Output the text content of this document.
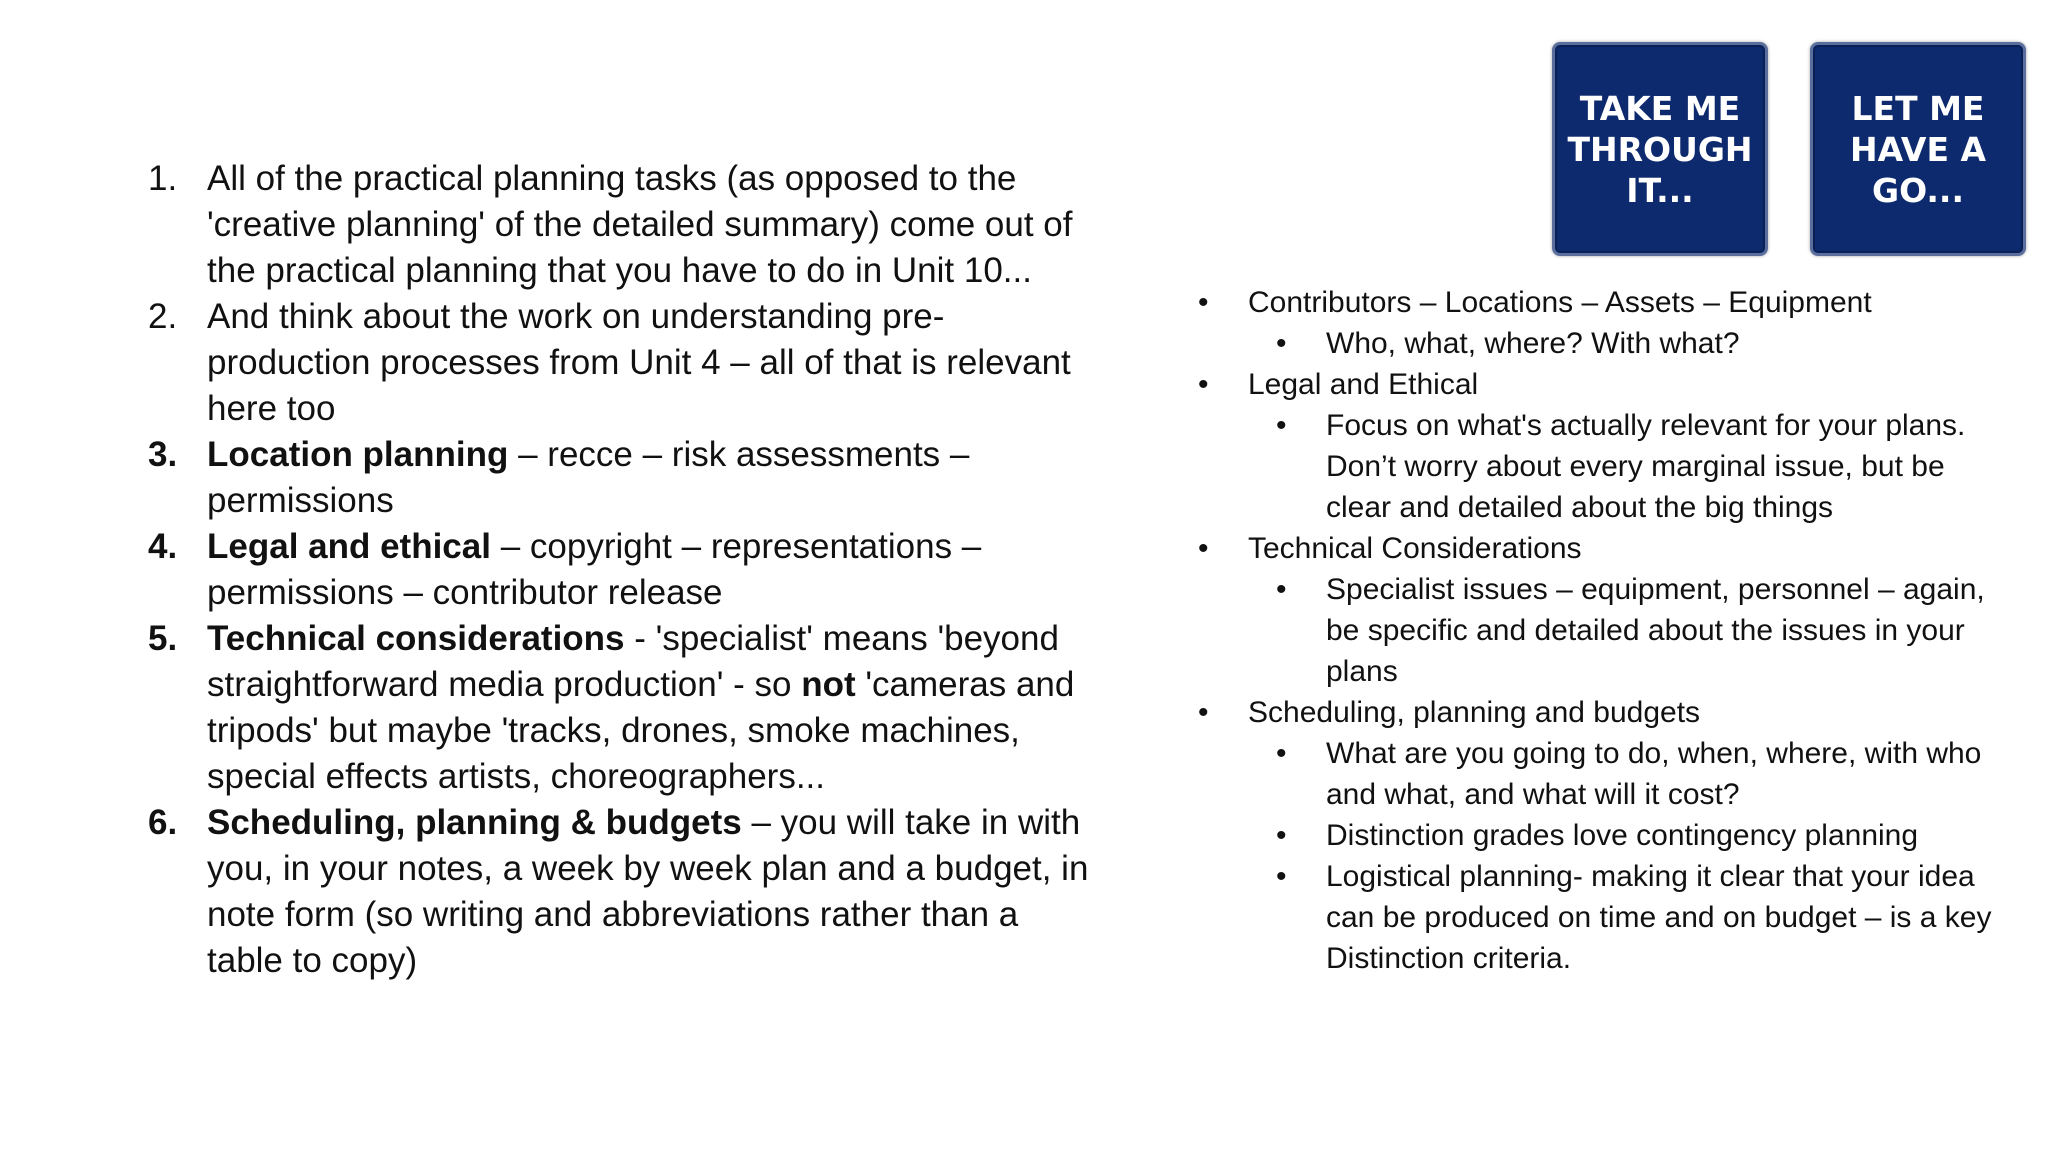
TAKE ME
THROUGH
IT...
LET ME
HAVE A
GO...
1. All of the practical planning tasks (as opposed to the 'creative planning' of the detailed summary) come out of the practical planning that you have to do in Unit 10...
2. And think about the work on understanding pre-production processes from Unit 4 – all of that is relevant here too
3. Location planning – recce – risk assessments – permissions
4. Legal and ethical – copyright – representations – permissions – contributor release
5. Technical considerations - 'specialist' means 'beyond straightforward media production' - so not 'cameras and tripods' but maybe 'tracks, drones, smoke machines, special effects artists, choreographers...
6. Scheduling, planning & budgets – you will take in with you, in your notes, a week by week plan and a budget, in note form (so writing and abbreviations rather than a table to copy)
• Contributors – Locations – Assets – Equipment
• Who, what, where? With what?
• Legal and Ethical
• Focus on what's actually relevant for your plans. Don’t worry about every marginal issue, but be clear and detailed about the big things
• Technical Considerations
• Specialist issues – equipment, personnel – again, be specific and detailed about the issues in your plans
• Scheduling, planning and budgets
• What are you going to do, when, where, with who and what, and what will it cost?
• Distinction grades love contingency planning
• Logistical planning- making it clear that your idea can be produced on time and on budget – is a key Distinction criteria.
